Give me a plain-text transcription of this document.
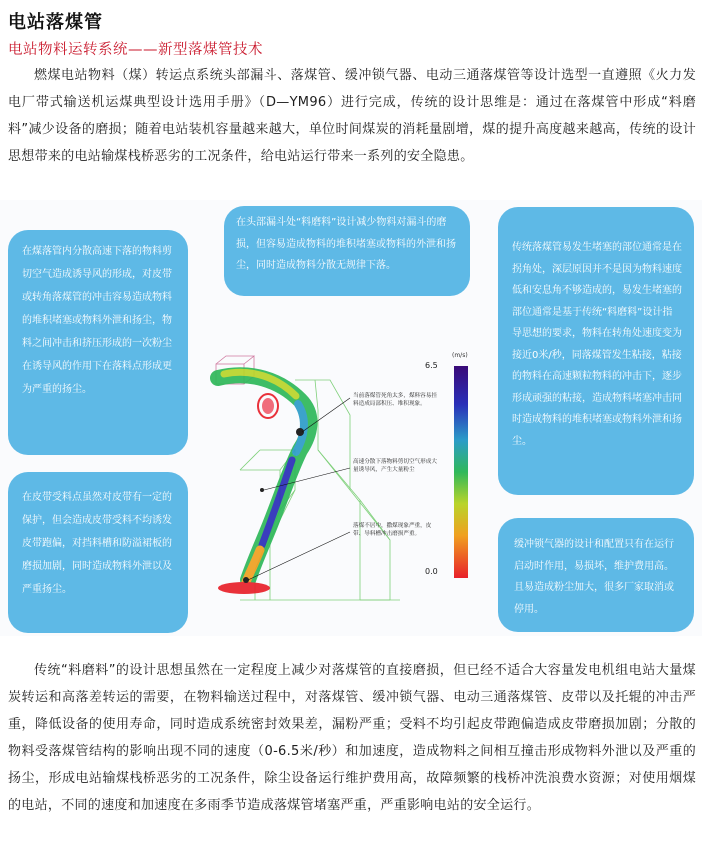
电站落煤管
电站物料运转系统——新型落煤管技术

燃煤电站物料（煤）转运点系统头部漏斗、落煤管、缓冲锁气器、电动三通落煤管等设计选型一直遵照《火力发电厂带式输送机运煤典型设计选用手册》（D—YM96）进行完成，传统的设计思维是：通过在落煤管中形成“料磨料”减少设备的磨损；随着电站装机容量越来越大，单位时间煤炭的消耗量剧增，煤的提升高度越来越高，传统的设计思想带来的电站输煤栈桥恶劣的工况条件，给电站运行带来一系列的安全隐患。

在煤落管内分散高速下落的物料剪切空气造成诱导风的形成，对皮带或转角落煤管的冲击容易造成物料的堆积堵塞或物料外泄和扬尘，物料之间冲击和挤压形成的一次粉尘在诱导风的作用下在落料点形成更为严重的扬尘。
在头部漏斗处“料磨料”设计减少物料对漏斗的磨损，但容易造成物料的堆积堵塞或物料的外泄和扬尘，同时造成物料分散无规律下落。
传统落煤管易发生堵塞的部位通常是在拐角处，深层原因并不是因为物料速度低和安息角不够造成的，易发生堵塞的部位通常是基于传统“料磨料”设计指导思想的要求，物料在转角处速度变为接近0米/秒，同落煤管发生粘接，粘接的物料在高速颗粒物料的冲击下，逐步形成顽强的粘接，造成物料堵塞冲击同时造成物料的堆积堵塞或物料外泄和扬尘。
在皮带受料点虽然对皮带有一定的保护，但会造成皮带受料不均诱发皮带跑偏，对挡料槽和防溢裙板的磨损加剧，同时造成物料外泄以及严重扬尘。
缓冲锁气器的设计和配置只有在运行启动时作用，易损坏，维护费用高。且易造成粉尘加大，很多厂家取消或停用。
当前落煤管死角太多，煤料容易挂料造成局部积压、堆积现象。
高速分散下落物料剪切空气形成大量诱导风，产生大量粉尘
落煤不居中，撒煤现象严重，皮带、导料槽冲击磨损严重。
(m/s)
6.5
0.0

传统“料磨料”的设计思想虽然在一定程度上减少对落煤管的直接磨损，但已经不适合大容量发电机组电站大量煤炭转运和高落差转运的需要，在物料输送过程中，对落煤管、缓冲锁气器、电动三通落煤管、皮带以及托辊的冲击严重，降低设备的使用寿命，同时造成系统密封效果差，漏粉严重；受料不均引起皮带跑偏造成皮带磨损加剧；分散的物料受落煤管结构的影响出现不同的速度（0-6.5米/秒）和加速度，造成物料之间相互撞击形成物料外泄以及严重的扬尘，形成电站输煤栈桥恶劣的工况条件，除尘设备运行维护费用高，故障频繁的栈桥冲洗浪费水资源；对使用烟煤的电站，不同的速度和加速度在多雨季节造成落煤管堵塞严重，严重影响电站的安全运行。
